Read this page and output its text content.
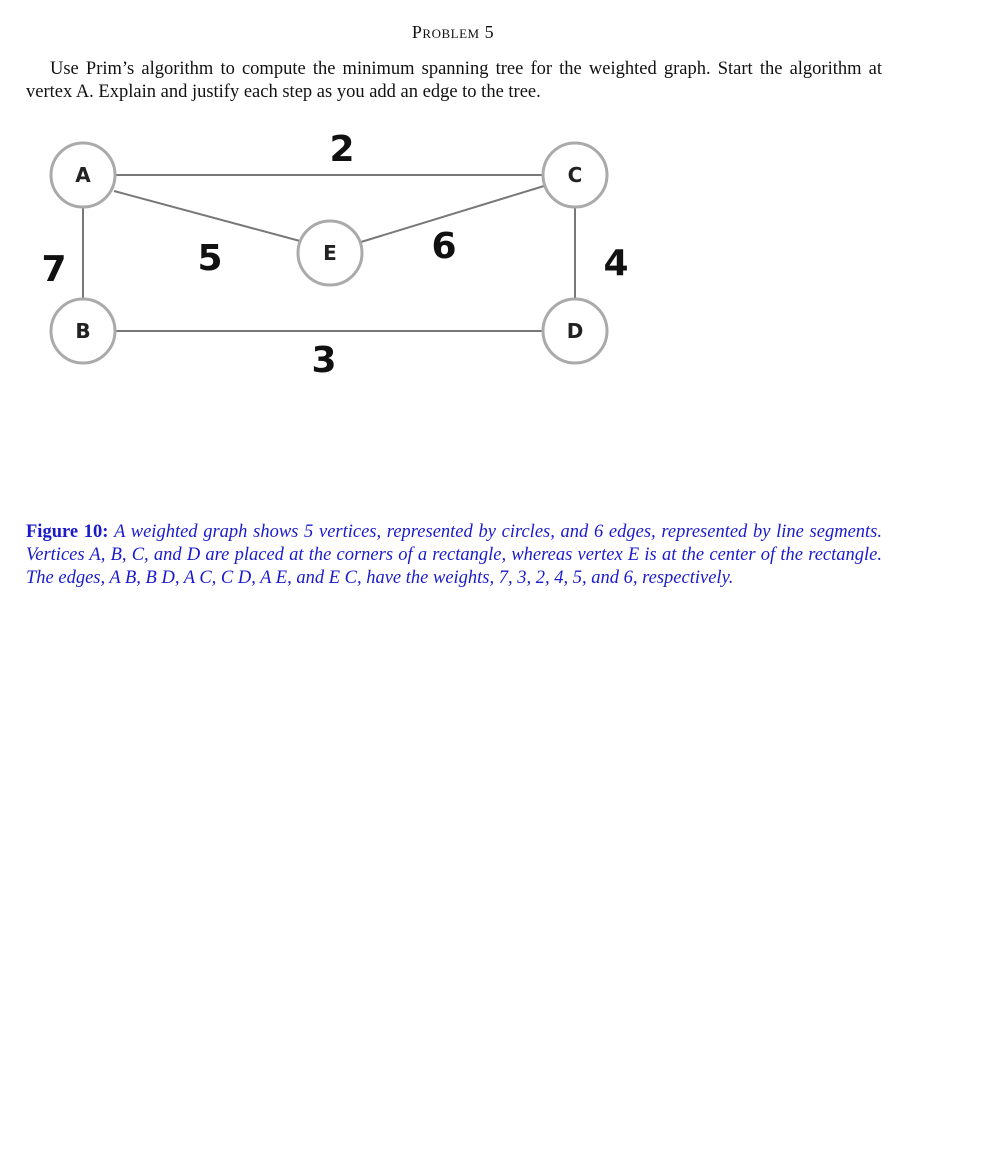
Problem 5

Use Prim’s algorithm to compute the minimum spanning tree for the weighted graph. Start the algorithm at vertex A. Explain and justify each step as you add an edge to the tree.

A
B
C
D
E
2
7	5	6	4
3

Figure 10: A weighted graph shows 5 vertices, represented by circles, and 6 edges, represented by line segments. Vertices A, B, C, and D are placed at the corners of a rectangle, whereas vertex E is at the center of the rectangle. The edges, A B, B D, A C, C D, A E, and E C, have the weights, 7, 3, 2, 4, 5, and 6, respectively.
